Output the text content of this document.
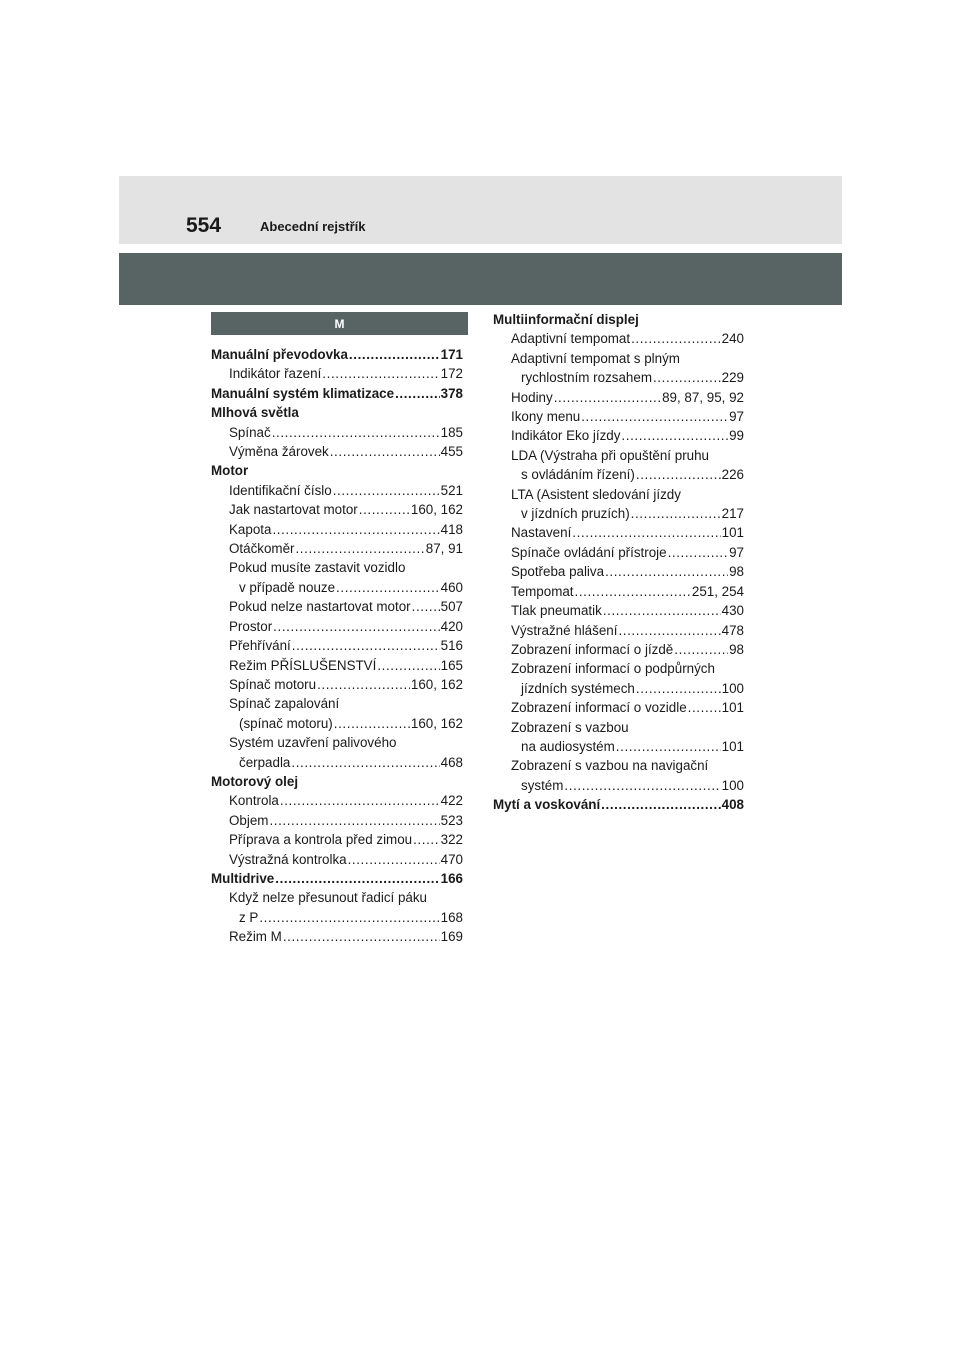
554	Abecední rejstřík
M
Manuální převodovka .....	171
Indikátor řazení .....	172
Manuální systém klimatizace .....	378
Mlhová světla
Spínač .....	185
Výměna žárovek .....	455
Motor
Identifikační číslo .....	521
Jak nastartovat motor .....	160, 162
Kapota .....	418
Otáčkoměr .....	87, 91
Pokud musíte zastavit vozidlo
v případě nouze .....	460
Pokud nelze nastartovat motor ..... 507
Prostor .....	420
Přehřívání .....	516
Režim PŘÍSLUŠENSTVÍ .....	165
Spínač motoru .....	160, 162
Spínač zapalování
(spínač motoru) .....	160, 162
Systém uzavření palivového
čerpadla .....	468
Motorový olej
Kontrola .....	422
Objem .....	523
Příprava a kontrola před zimou ..... 322
Výstražná kontrolka .....	470
Multidrive .....	166
Když nelze přesunout řadicí páku
z P .....	168
Režim M .....	169
Multiinformační displej
Adaptivní tempomat .....	240
Adaptivní tempomat s plným
rychlostním rozsahem .....	229
Hodiny .....	89, 87, 95, 92
Ikony menu .....	97
Indikátor Eko jízdy .....	99
LDA (Výstraha při opuštění pruhu
s ovládáním řízení) .....	226
LTA (Asistent sledování jízdy
v jízdních pruzích) .....	217
Nastavení .....	101
Spínače ovládání přístroje .....	97
Spotřeba paliva .....	98
Tempomat .....	251, 254
Tlak pneumatik .....	430
Výstražné hlášení .....	478
Zobrazení informací o jízdě .....	98
Zobrazení informací o podpůrných
jízdních systémech .....	100
Zobrazení informací o vozidle .....	101
Zobrazení s vazbou
na audiosystém .....	101
Zobrazení s vazbou na navigační
systém .....	100
Mytí a voskování .....	408
